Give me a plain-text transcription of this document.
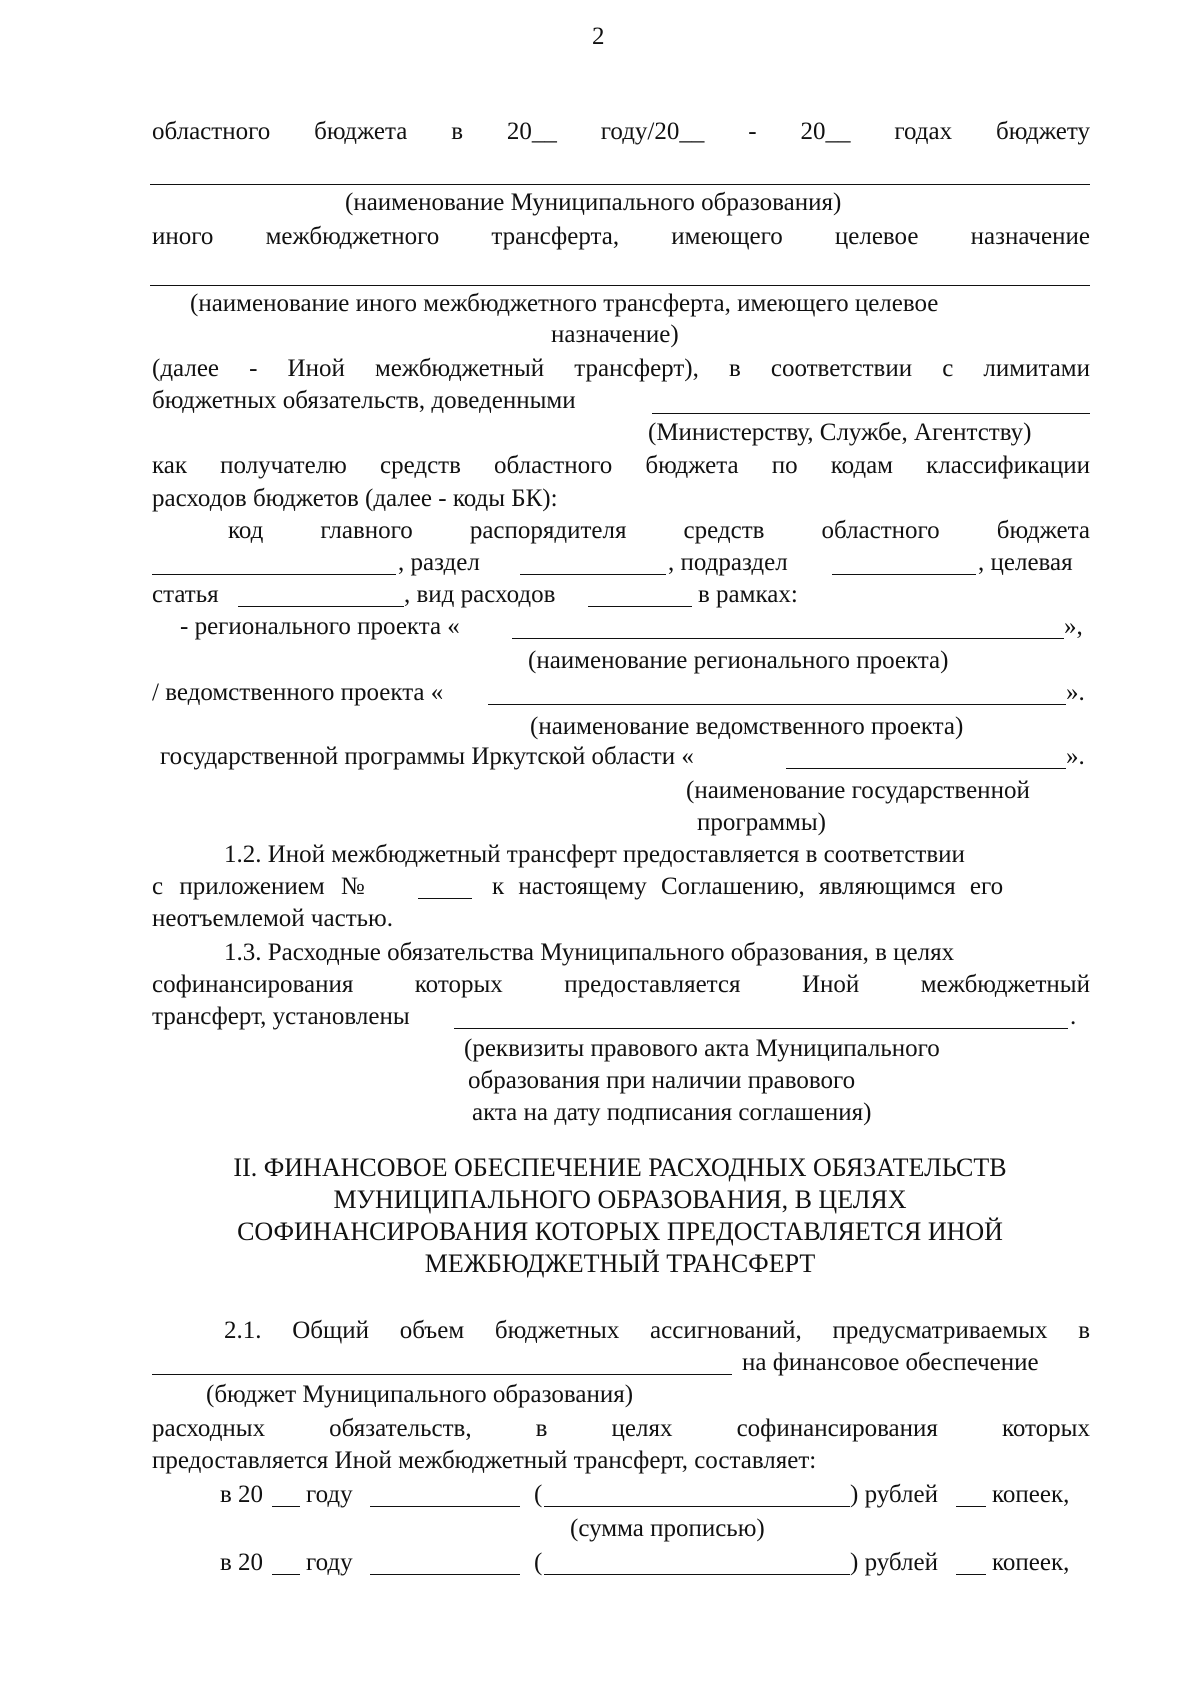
2
областного бюджета в 20__ году/20__ - 20__ годах бюджету
(наименование Муниципального образования)
иного межбюджетного трансферта, имеющего целевое назначение
(наименование иного межбюджетного трансферта, имеющего целевое
назначение)
(далее - Иной межбюджетный трансферт), в соответствии с лимитами
бюджетных обязательств, доведенными
(Министерству, Службе, Агентству)
как получателю средств областного бюджета по кодам классификации
расходов бюджетов (далее - коды БК):
код главного распорядителя средств областного бюджета
, раздел	, подраздел	, целевая
статья	, вид расходов	в рамках:
- регионального проекта «	»,
(наименование регионального проекта)
/ ведомственного проекта «	».
(наименование ведомственного проекта)
государственной программы Иркутской области «	».
(наименование государственной
программы)
1.2. Иной межбюджетный трансферт предоставляется в соответствии
с приложением №	к настоящему Соглашению, являющимся его
неотъемлемой частью.
1.3. Расходные обязательства Муниципального образования, в целях
софинансирования которых предоставляется Иной межбюджетный
трансферт, установлены	.
(реквизиты правового акта Муниципального
образования при наличии правового
акта на дату подписания соглашения)
II. ФИНАНСОВОЕ ОБЕСПЕЧЕНИЕ РАСХОДНЫХ ОБЯЗАТЕЛЬСТВ
МУНИЦИПАЛЬНОГО ОБРАЗОВАНИЯ, В ЦЕЛЯХ
СОФИНАНСИРОВАНИЯ КОТОРЫХ ПРЕДОСТАВЛЯЕТСЯ ИНОЙ
МЕЖБЮДЖЕТНЫЙ ТРАНСФЕРТ
2.1. Общий объем бюджетных ассигнований, предусматриваемых в
на финансовое обеспечение
(бюджет Муниципального образования)
расходных	обязательств,	в	целях	софинансирования	которых
предоставляется Иной межбюджетный трансферт, составляет:
в 20 году	(	) рублей копеек,
(сумма прописью)
в 20 году	(	) рублей копеек,
